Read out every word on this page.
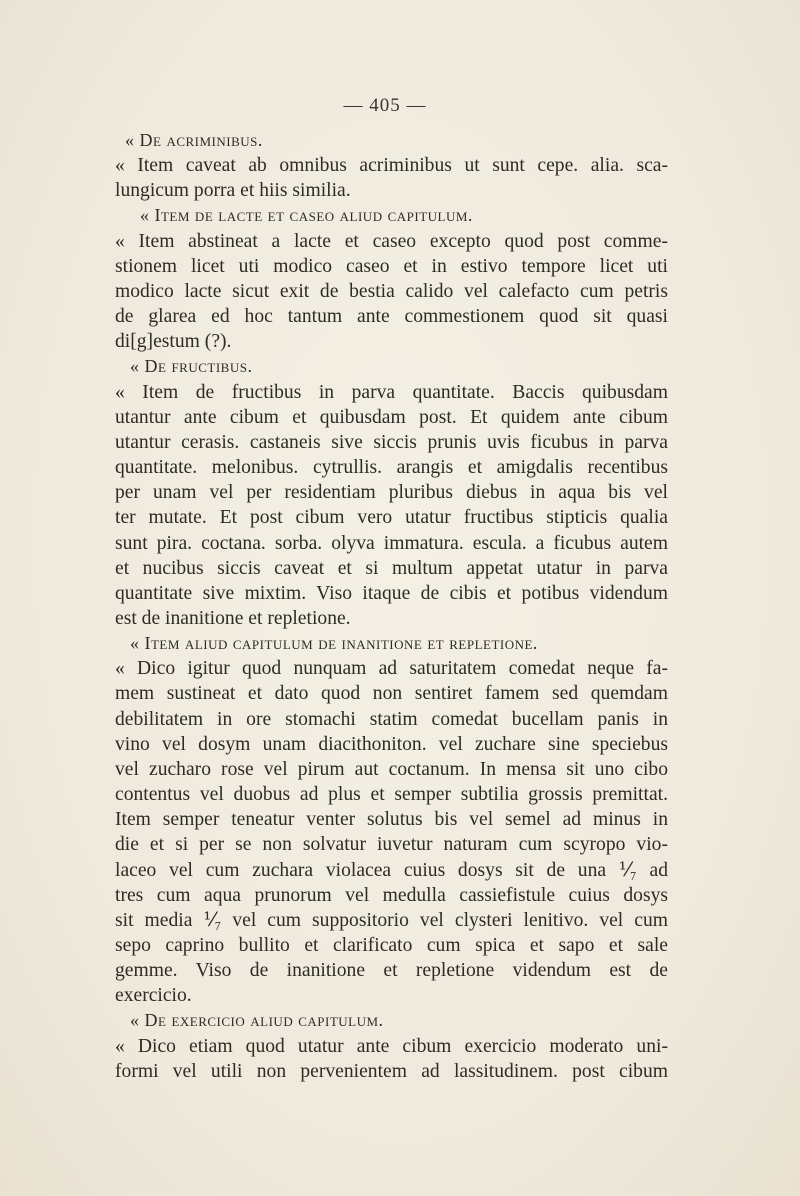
— 405 —
« De acriminibus.
« Item caveat ab omnibus acriminibus ut sunt cepe. alia. sca-
lungicum porra et hiis similia.
« Item de lacte et caseo aliud capitulum.
« Item abstineat a lacte et caseo excepto quod post comme-
stionem licet uti modico caseo et in estivo tempore licet uti
modico lacte sicut exit de bestia calido vel calefacto cum petris
de glarea ed hoc tantum ante commestionem quod sit quasi
di[g]estum (?).
« De fructibus.
« Item de fructibus in parva quantitate. Baccis quibusdam
utantur ante cibum et quibusdam post. Et quidem ante cibum
utantur cerasis. castaneis sive siccis prunis uvis ficubus in parva
quantitate. melonibus. cytrullis. arangis et amigdalis recentibus
per unam vel per residentiam pluribus diebus in aqua bis vel
ter mutate. Et post cibum vero utatur fructibus stipticis qualia
sunt pira. coctana. sorba. olyva immatura. escula. a ficubus autem
et nucibus siccis caveat et si multum appetat utatur in parva
quantitate sive mixtim. Viso itaque de cibis et potibus videndum
est de inanitione et repletione.
« Item aliud capitulum de inanitione et repletione.
« Dico igitur quod nunquam ad saturitatem comedat neque fa-
mem sustineat et dato quod non sentiret famem sed quemdam
debilitatem in ore stomachi statim comedat bucellam panis in
vino vel dosym unam diacithoniton. vel zuchare sine speciebus
vel zucharo rose vel pirum aut coctanum. In mensa sit uno cibo
contentus vel duobus ad plus et semper subtilia grossis premittat.
Item semper teneatur venter solutus bis vel semel ad minus in
die et si per se non solvatur iuvetur naturam cum scyropo vio-
laceo vel cum zuchara violacea cuius dosys sit de una ⅟₇ ad
tres cum aqua prunorum vel medulla cassiefistule cuius dosys
sit media ⅟₇ vel cum suppositorio vel clysteri lenitivo. vel cum
sepo caprino bullito et clarificato cum spica et sapo et sale
gemme. Viso de inanitione et repletione videndum est de
exercicio.
« De exercicio aliud capitulum.
« Dico etiam quod utatur ante cibum exercicio moderato uni-
formi vel utili non pervenientem ad lassitudinem. post cibum
